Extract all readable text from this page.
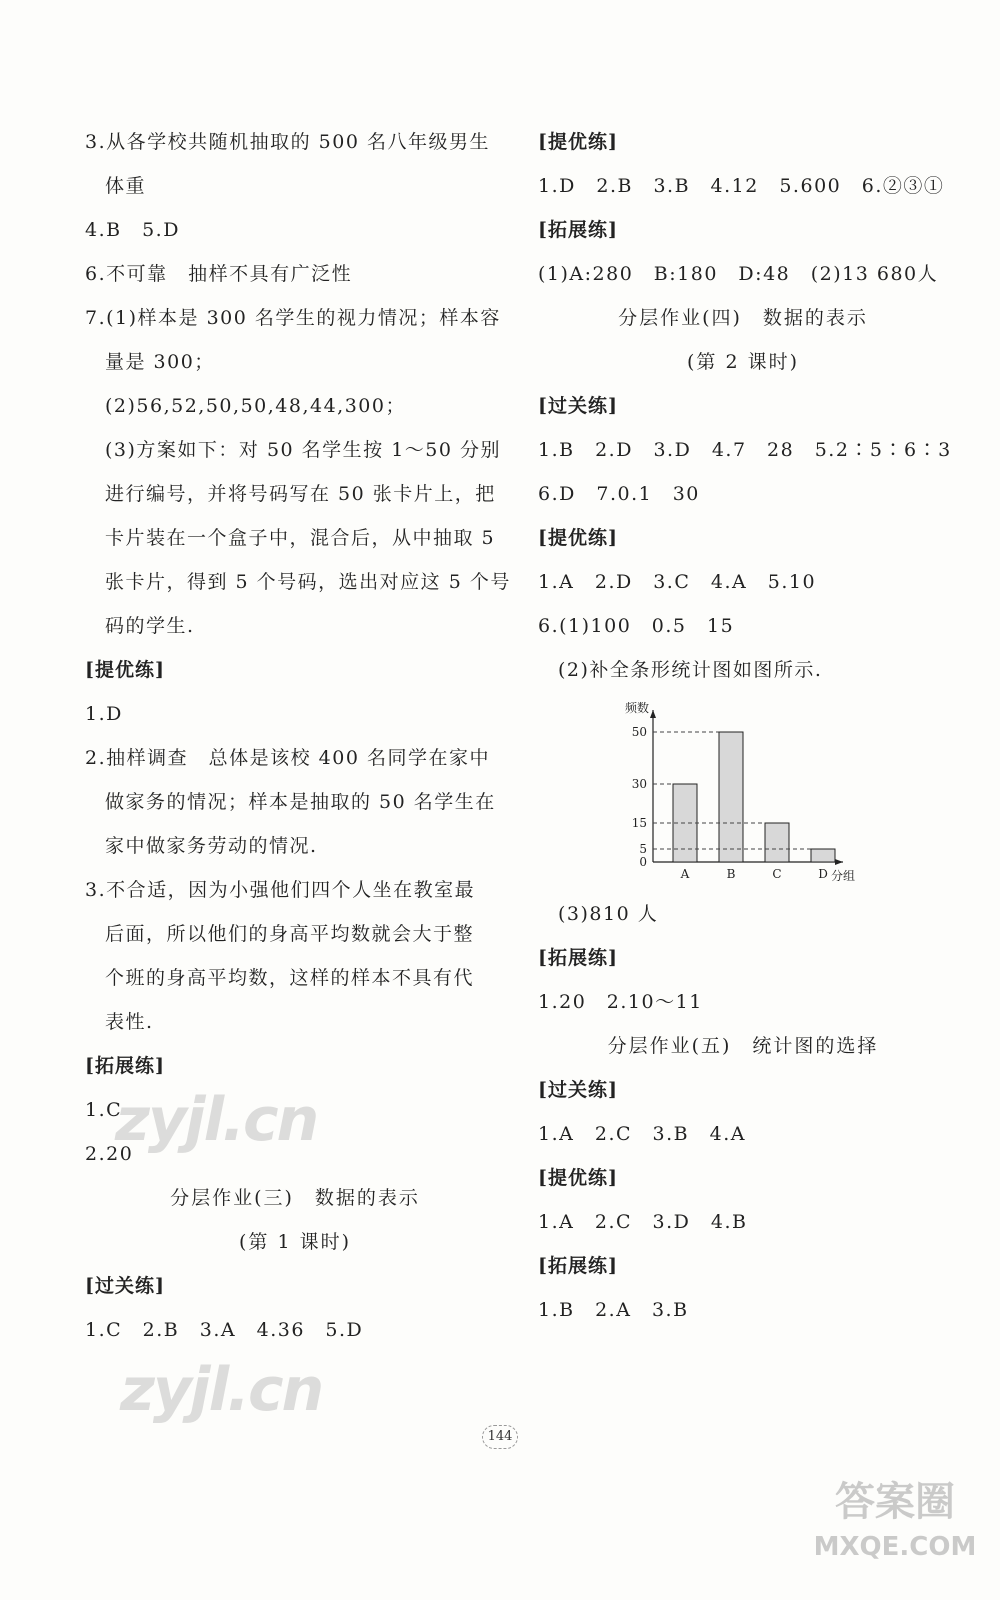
3.从各学校共随机抽取的 500 名八年级男生
体重
4.B　5.D
6.不可靠　抽样不具有广泛性
7.(1)样本是 300 名学生的视力情况；样本容
量是 300；
(2)56,52,50,50,48,44,300；
(3)方案如下：对 50 名学生按 1～50 分别
进行编号，并将号码写在 50 张卡片上，把
卡片装在一个盒子中，混合后，从中抽取 5
张卡片，得到 5 个号码，选出对应这 5 个号
码的学生.
[提优练]
1.D
2.抽样调查　总体是该校 400 名同学在家中
做家务的情况；样本是抽取的 50 名学生在
家中做家务劳动的情况.
3.不合适，因为小强他们四个人坐在教室最
后面，所以他们的身高平均数就会大于整
个班的身高平均数，这样的样本不具有代
表性.
[拓展练]
1.C
2.20
分层作业(三)　数据的表示
(第 1 课时)
[过关练]
1.C　2.B　3.A　4.36　5.D
[提优练]
1.D　2.B　3.B　4.12　5.600　6.②③①
[拓展练]
(1)A:280　B:180　D:48　(2)13 680人
分层作业(四)　数据的表示
(第 2 课时)
[过关练]
1.B　2.D　3.D　4.7　28　5.2∶5∶6∶3
6.D　7.0.1　30
[提优练]
1.A　2.D　3.C　4.A　5.10
6.(1)100　0.5　15
(2)补全条形统计图如图所示.
频数
分组
0
5
15
30
50
A	B	C	D
(3)810 人
[拓展练]
1.20　2.10～11
分层作业(五)　统计图的选择
[过关练]
1.A　2.C　3.B　4.A
[提优练]
1.A　2.C　3.D　4.B
[拓展练]
1.B　2.A　3.B
144
zyjl.cn
zyjl.cn
答案圈
MXQE.COM
